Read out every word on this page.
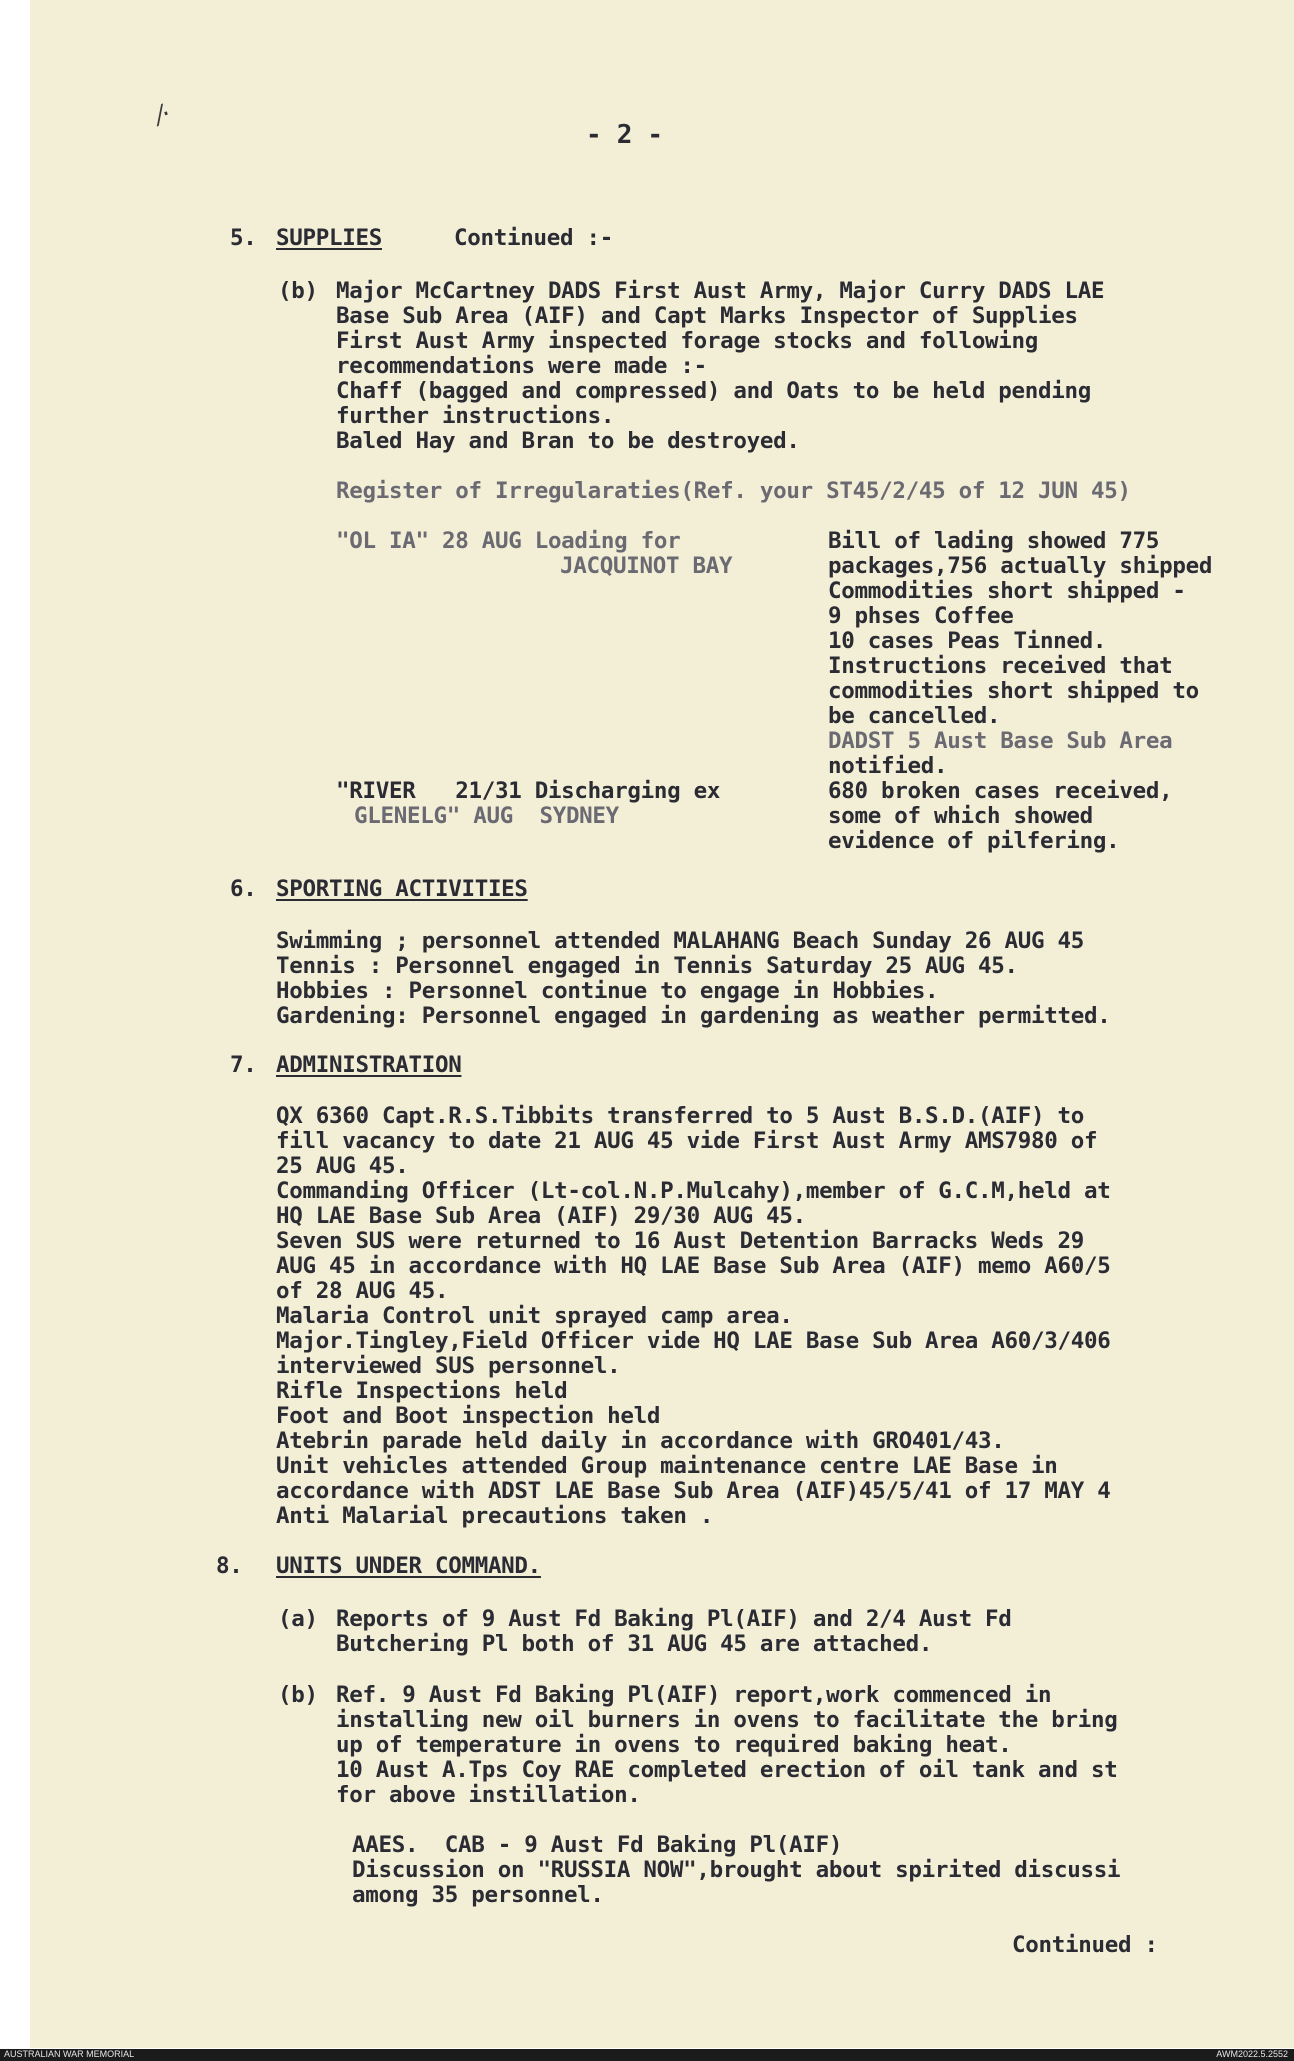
⁄·
- 2 -
5. SUPPLIES	Continued :-
(b) Major McCartney DADS First Aust Army, Major Curry DADS LAE
Base Sub Area (AIF) and Capt Marks Inspector of Supplies
First Aust Army inspected forage stocks and following
recommendations were made :-
Chaff (bagged and compressed) and Oats to be held pending
further instructions.
Baled Hay and Bran to be destroyed.
Register of Irregularaties(Ref. your ST45/2/45 of 12 JUN 45)
"OL IA" 28 AUG Loading for
JACQUINOT BAY
Bill of lading showed 775
packages,756 actually shipped
Commodities short shipped -
9 phses Coffee
10 cases Peas Tinned.
Instructions received that
commodities short shipped to
be cancelled.
DADST 5 Aust Base Sub Area
notified.
"RIVER   21/31 Discharging ex
GLENELG" AUG  SYDNEY
680 broken cases received,
some of which showed
evidence of pilfering.
6. SPORTING ACTIVITIES
Swimming ; personnel attended MALAHANG Beach Sunday 26 AUG 45
Tennis : Personnel engaged in Tennis Saturday 25 AUG 45.
Hobbies : Personnel continue to engage in Hobbies.
Gardening: Personnel engaged in gardening as weather permitted.
7. ADMINISTRATION
QX 6360 Capt.R.S.Tibbits transferred to 5 Aust B.S.D.(AIF) to
fill vacancy to date 21 AUG 45 vide First Aust Army AMS7980 of
25 AUG 45.
Commanding Officer (Lt-col.N.P.Mulcahy),member of G.C.M,held at
HQ LAE Base Sub Area (AIF) 29/30 AUG 45.
Seven SUS were returned to 16 Aust Detention Barracks Weds 29
AUG 45 in accordance with HQ LAE Base Sub Area (AIF) memo A60/5
of 28 AUG 45.
Malaria Control unit sprayed camp area.
Major.Tingley,Field Officer vide HQ LAE Base Sub Area A60/3/406
interviewed SUS personnel.
Rifle Inspections held
Foot and Boot inspection held
Atebrin parade held daily in accordance with GRO401/43.
Unit vehicles attended Group maintenance centre LAE Base in
accordance with ADST LAE Base Sub Area (AIF)45/5/41 of 17 MAY 4
Anti Malarial precautions taken .
8. UNITS UNDER COMMAND.
(a) Reports of 9 Aust Fd Baking Pl(AIF) and 2/4 Aust Fd
Butchering Pl both of 31 AUG 45 are attached.
(b) Ref. 9 Aust Fd Baking Pl(AIF) report,work commenced in
installing new oil burners in ovens to facilitate the bring
up of temperature in ovens to required baking heat.
10 Aust A.Tps Coy RAE completed erection of oil tank and st
for above instillation.
AAES.  CAB - 9 Aust Fd Baking Pl(AIF)
Discussion on "RUSSIA NOW",brought about spirited discussi
among 35 personnel.
Continued :
AUSTRALIAN WAR MEMORIAL	AWM2022.5.2552
